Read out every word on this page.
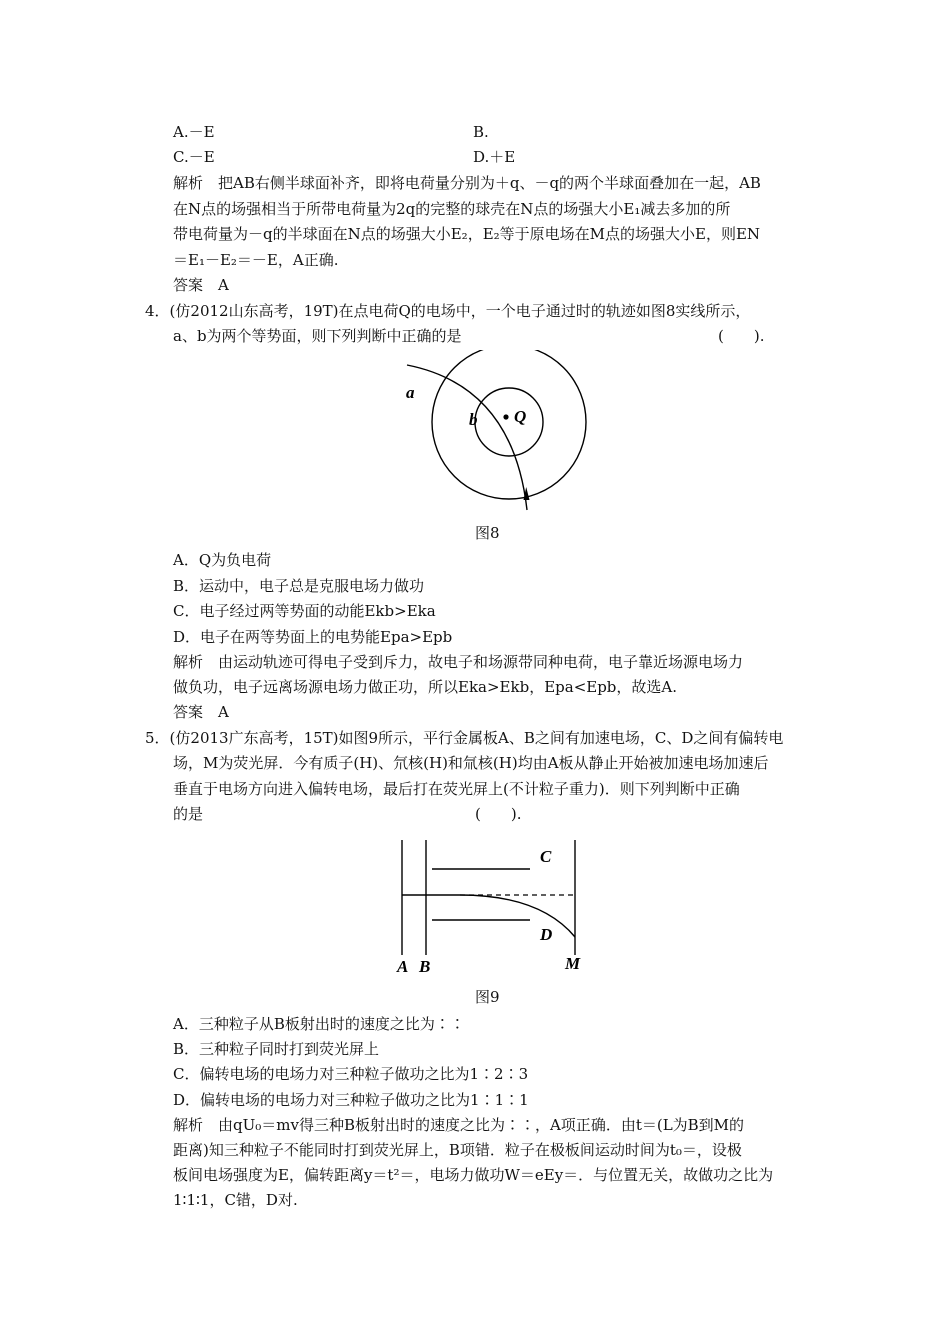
A.－E	B.
C.－E	D.＋E
解析　把AB右侧半球面补齐，即将电荷量分别为＋q、－q的两个半球面叠加在一起，AB
在N点的场强相当于所带电荷量为2q的完整的球壳在N点的场强大小E₁减去多加的所
带电荷量为－q的半球面在N点的场强大小E₂，E₂等于原电场在M点的场强大小E，则EN
＝E₁－E₂＝－E，A正确.
答案　A
4．(仿2012山东高考，19T)在点电荷Q的电场中，一个电子通过时的轨迹如图8实线所示，
a、b为两个等势面，则下列判断中正确的是	(　　).
a
b Q
图8
A．Q为负电荷
B．运动中，电子总是克服电场力做功
C．电子经过两等势面的动能Ekb>Eka
D．电子在两等势面上的电势能Epa>Epb
解析　由运动轨迹可得电子受到斥力，故电子和场源带同种电荷，电子靠近场源电场力
做负功，电子远离场源电场力做正功，所以Eka>Ekb，Epa<Epb，故选A.
答案　A
5．(仿2013广东高考，15T)如图9所示，平行金属板A、B之间有加速电场，C、D之间有偏转电
场，M为荧光屏．今有质子(H)、氘核(H)和氚核(H)均由A板从静止开始被加速电场加速后
垂直于电场方向进入偏转电场，最后打在荧光屏上(不计粒子重力)．则下列判断中正确
的是	(　　).
C
D
A B	M
图9
A．三种粒子从B板射出时的速度之比为∶∶
B．三种粒子同时打到荧光屏上
C．偏转电场的电场力对三种粒子做功之比为1∶2∶3
D．偏转电场的电场力对三种粒子做功之比为1∶1∶1
解析　由qU₀＝mv得三种B板射出时的速度之比为∶∶，A项正确．由t＝(L为B到M的
距离)知三种粒子不能同时打到荧光屏上，B项错．粒子在极板间运动时间为t₀＝，设极
板间电场强度为E，偏转距离y＝t²＝，电场力做功W＝eEy＝．与位置无关，故做功之比为
1∶1∶1，C错，D对.
